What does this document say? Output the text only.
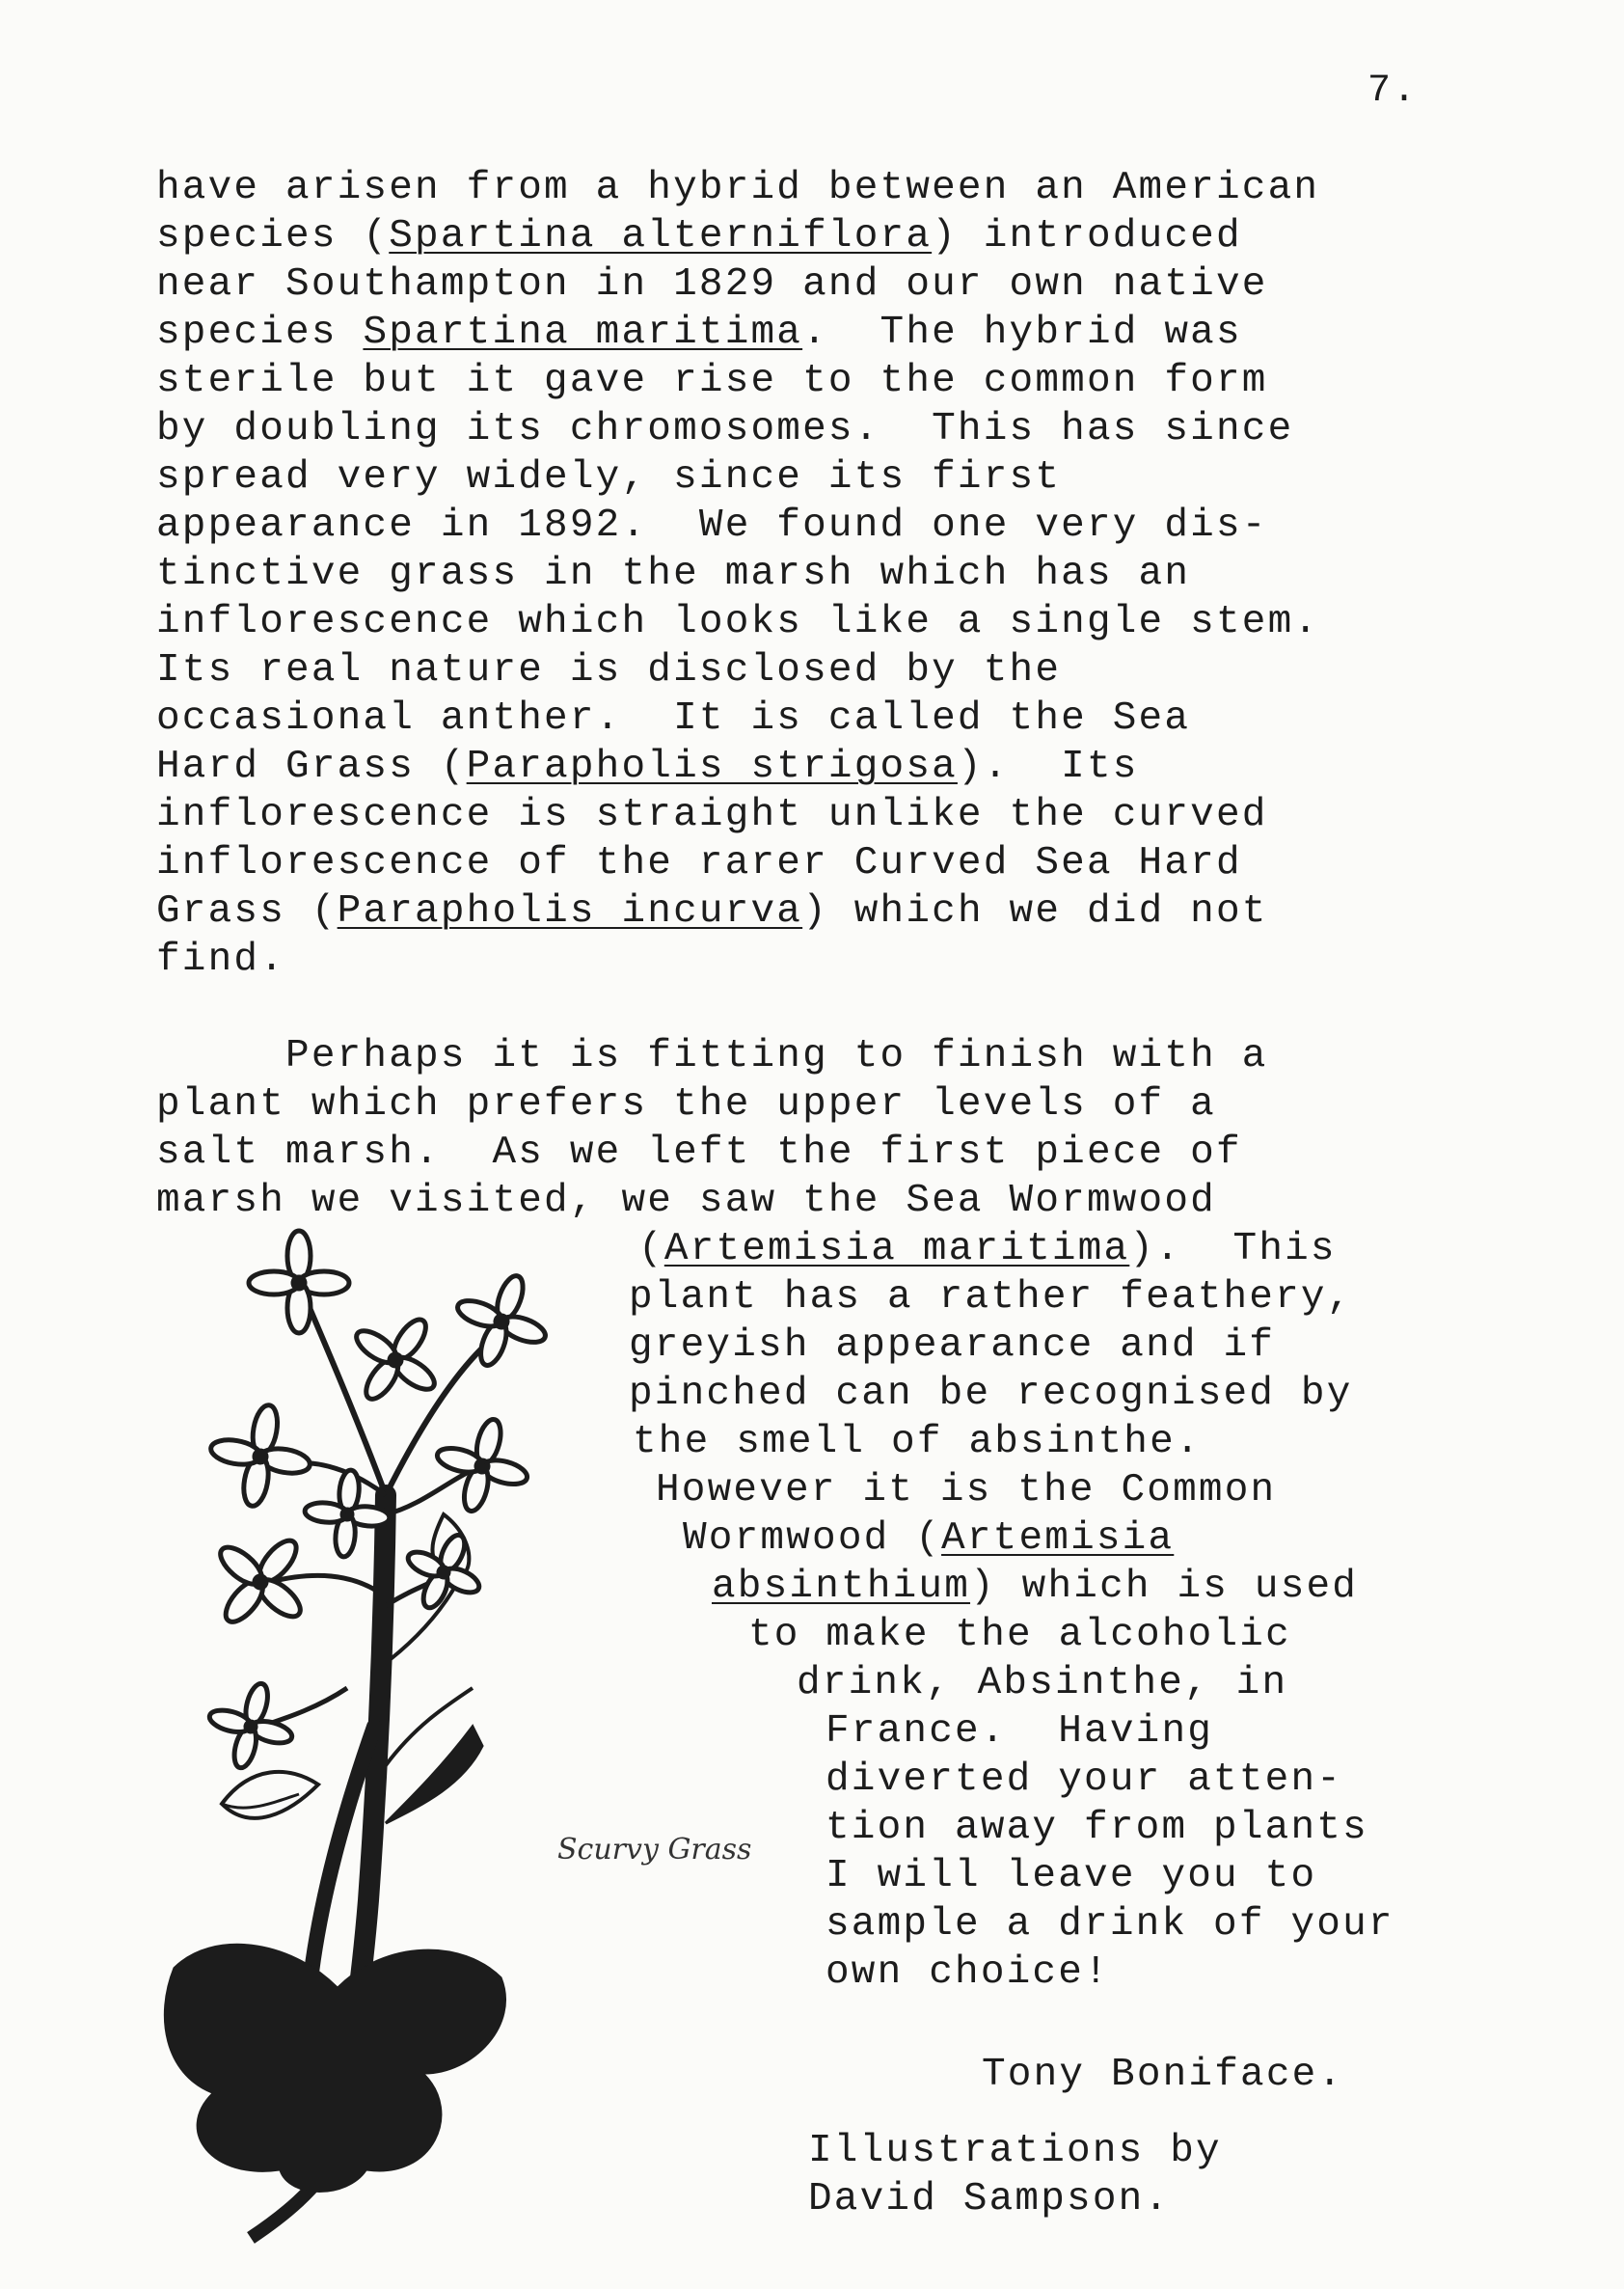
7.
have arisen from a hybrid between an American
species (Spartina alterniflora) introduced
near Southampton in 1829 and our own native
species Spartina maritima.  The hybrid was
sterile but it gave rise to the common form
by doubling its chromosomes.  This has since
spread very widely, since its first
appearance in 1892.  We found one very dis-
tinctive grass in the marsh which has an
inflorescence which looks like a single stem.
Its real nature is disclosed by the
occasional anther.  It is called the Sea
Hard Grass (Parapholis strigosa).  Its
inflorescence is straight unlike the curved
inflorescence of the rarer Curved Sea Hard
Grass (Parapholis incurva) which we did not
find.
Perhaps it is fitting to finish with a
plant which prefers the upper levels of a
salt marsh.  As we left the first piece of
marsh we visited, we saw the Sea Wormwood
(Artemisia maritima).  This
plant has a rather feathery,
greyish appearance and if
pinched can be recognised by
the smell of absinthe.
However it is the Common
Wormwood (Artemisia
absinthium) which is used
to make the alcoholic
drink, Absinthe, in
France.  Having
diverted your atten-
tion away from plants
I will leave you to
sample a drink of your
own choice!
Tony Boniface.
Illustrations by
David Sampson.
Scurvy Grass
